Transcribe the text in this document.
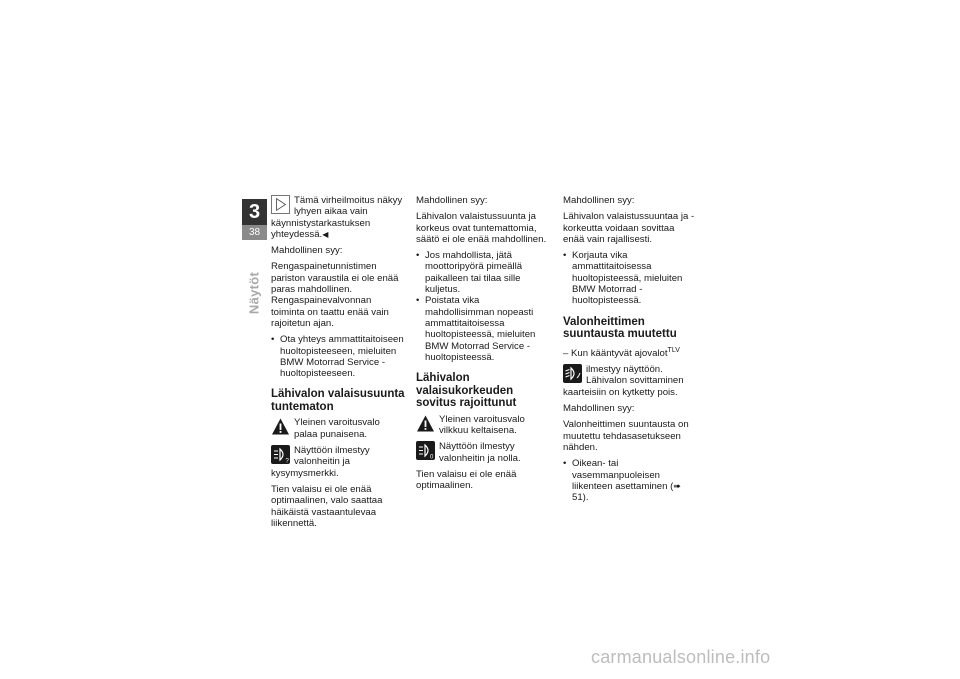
3
38
Näytöt
Tämä virheilmoitus näkyy lyhyen aikaa vain käynnistystarkastuksen yhteydessä.◀

Mahdollinen syy:

Rengaspainetunnistimen pariston varaustila ei ole enää paras mahdollinen. Rengaspainevalvonnan toiminta on taattu enää vain rajoitetun ajan.

• Ota yhteys ammattitaitoiseen huoltopisteeseen, mieluiten BMW Motorrad Service -huoltopisteeseen.
Lähivalon valaisusuunta tuntematon
Yleinen varoitusvalo palaa punaisena.
?
Näyttöön ilmestyy valonheitin ja kysymysmerkki.

Tien valaisu ei ole enää optimaalinen, valo saattaa häikäistä vastaantulevaa liikennettä.

Mahdollinen syy:

Lähivalon valaistussuunta ja korkeus ovat tuntemattomia, säätö ei ole enää mahdollinen.

• Jos mahdollista, jätä moottoripyörä pimeällä paikalleen tai tilaa sille kuljetus.
• Poistata vika mahdollisimman nopeasti ammattitaitoisessa huoltopisteessä, mieluiten BMW Motorrad Service -huoltopisteessä.
Lähivalon valaisukorkeuden sovitus rajoittunut
Yleinen varoitusvalo vilkkuu keltaisena.
0
Näyttöön ilmestyy valonheitin ja nolla.

Tien valaisu ei ole enää optimaalinen.

Mahdollinen syy:

Lähivalon valaistussuuntaa ja -korkeutta voidaan sovittaa enää vain rajallisesti.

• Korjauta vika ammattitaitoisessa huoltopisteessä, mieluiten BMW Motorrad -huoltopisteessä.
Valonheittimen suuntausta muutettu

– Kun kääntyvät ajovalot$^{TLV}$

ilmestyy näyttöön. Lähivalon sovittaminen kaarteisiin on kytketty pois.

Mahdollinen syy:

Valonheittimen suuntausta on muutettu tehdasasetukseen nähden.

• Oikean- tai vasemmanpuoleisen liikenteen asettaminen (➠ 51).
carmanualsonline.info
